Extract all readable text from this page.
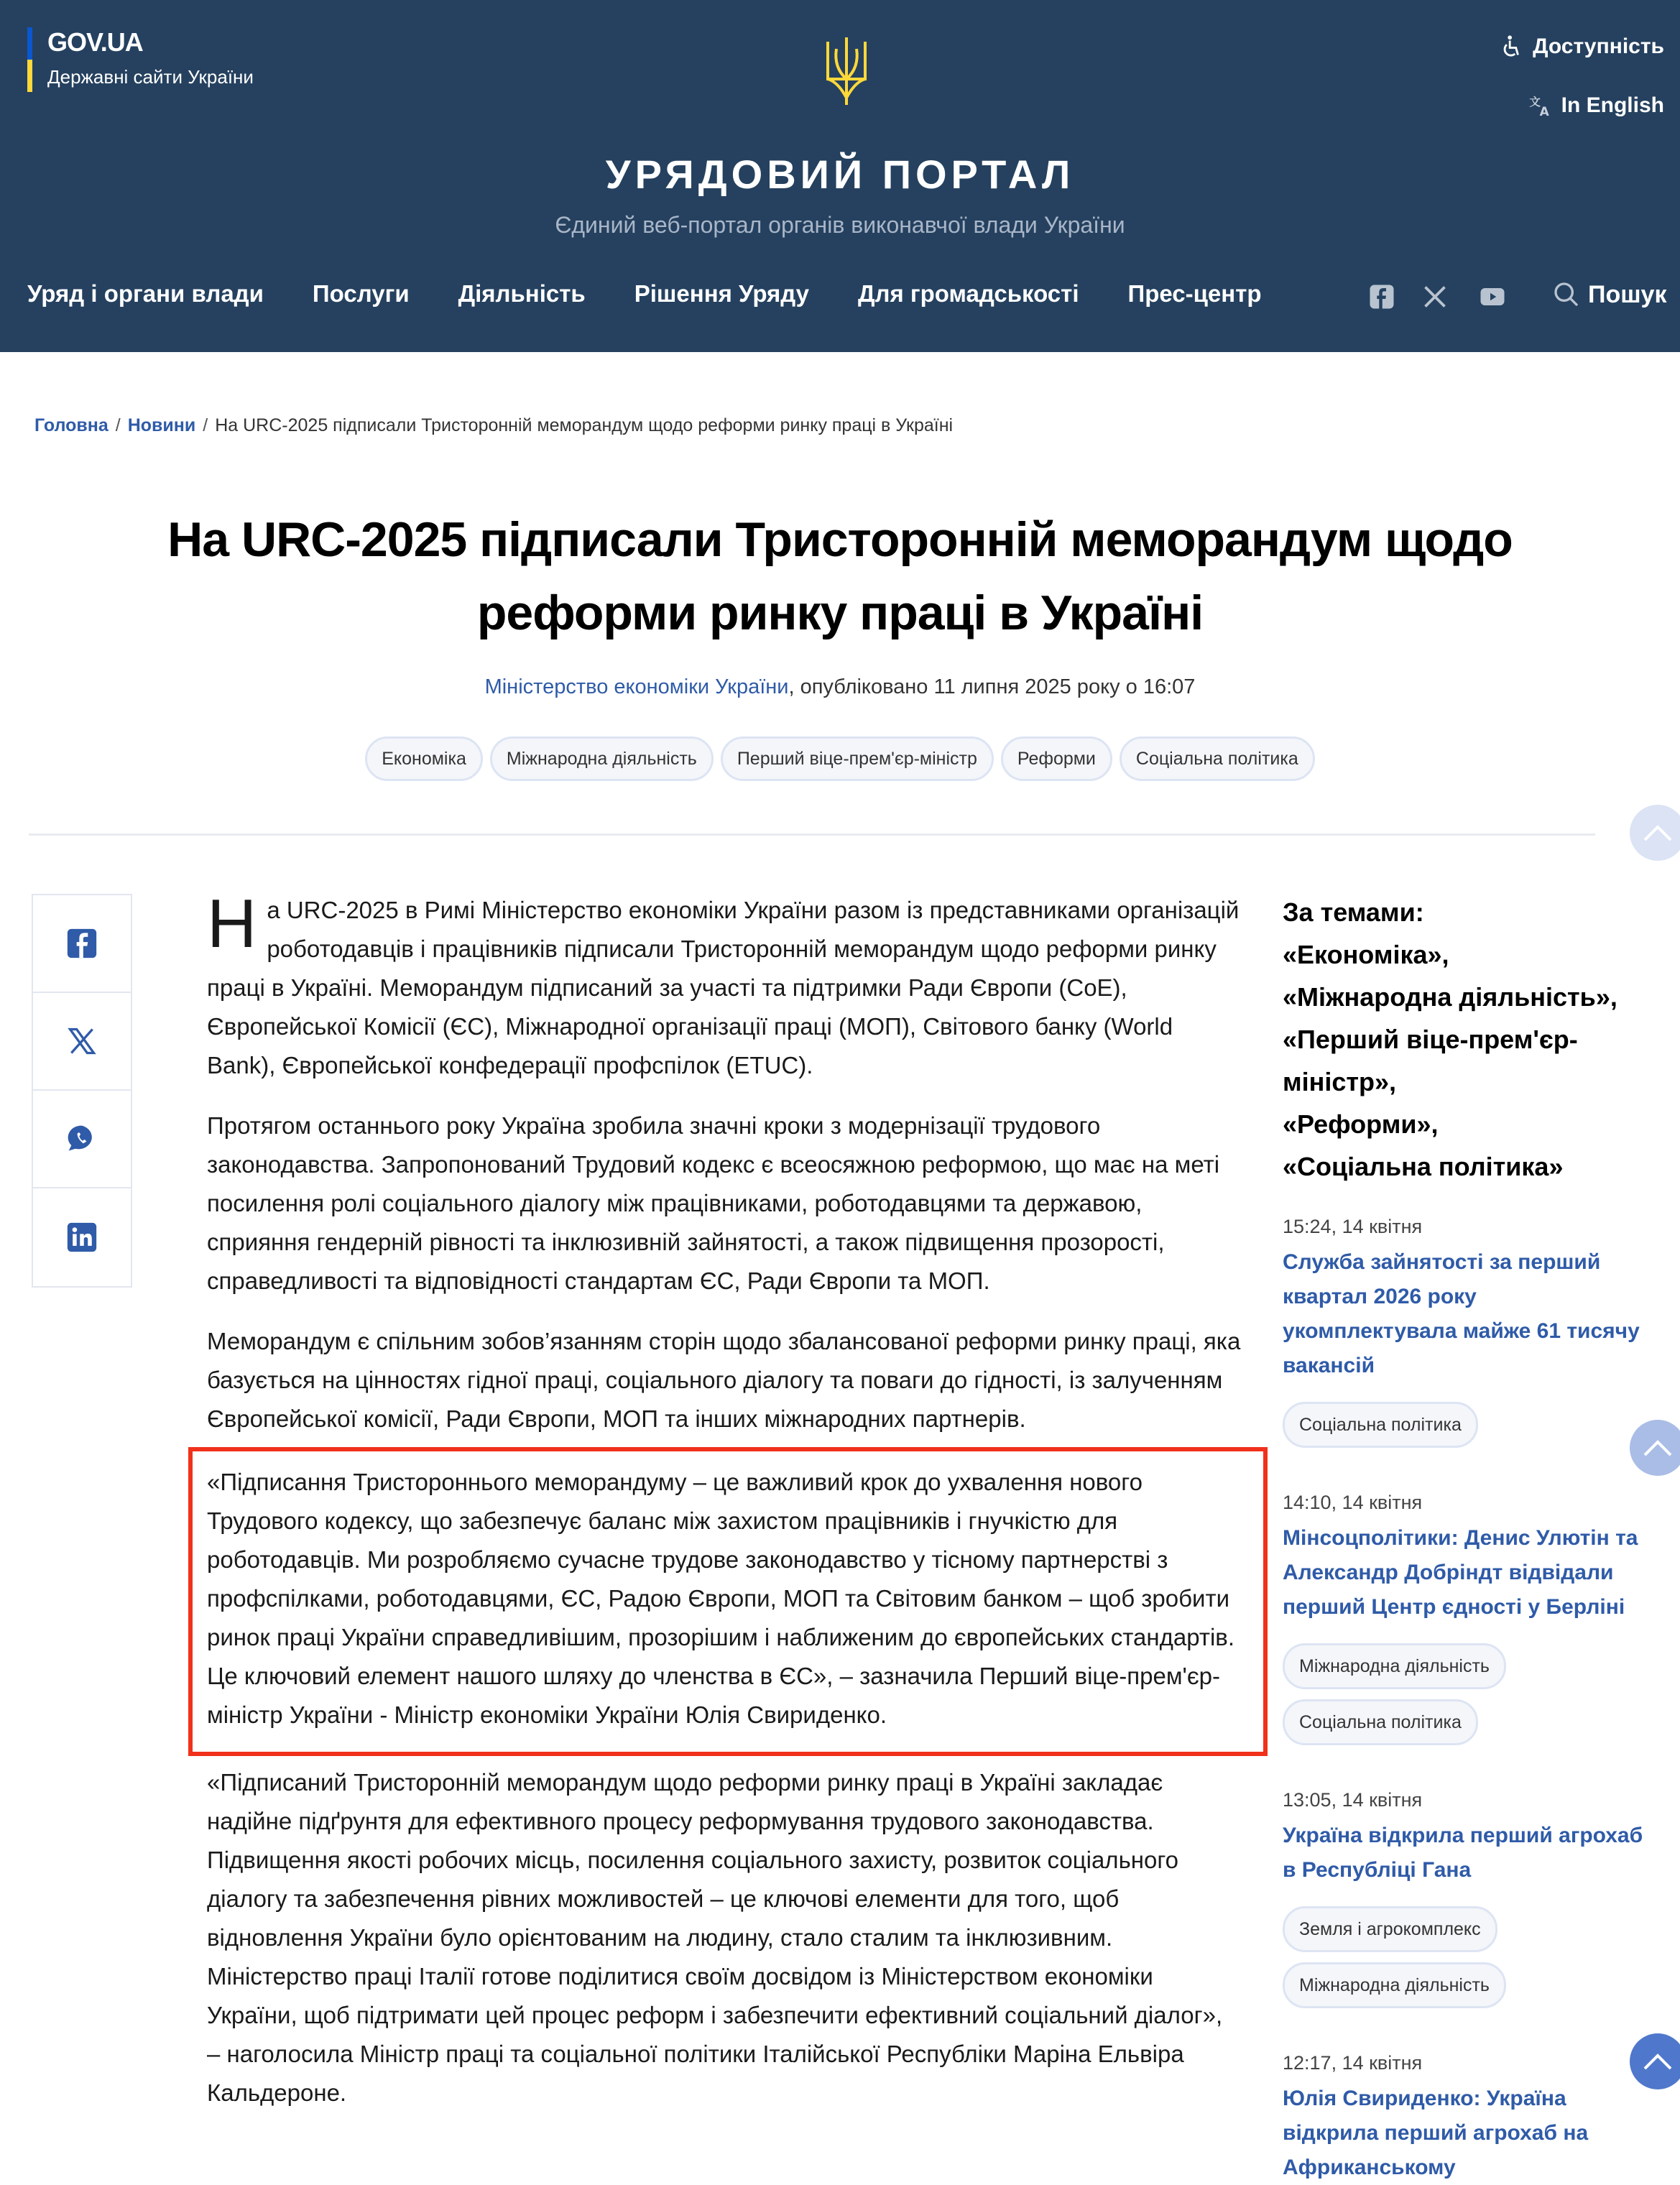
GOV.UA
Державні сайти України
Доступність
文
A In English
УРЯДОВИЙ ПОРТАЛ
Єдиний веб-портал органів виконавчої влади України
Уряд і органи влади Послуги Діяльність Рішення Уряду Для громадськості Прес-центр	Пошук
Головна / Новини / На URC-2025 підписали Тристоронній меморандум щодо реформи ринку праці в Україні
На URC-2025 підписали Тристоронній меморандум щодо реформи ринку праці в Україні
Міністерство економіки України, опубліковано 11 липня 2025 року о 16:07
Економіка	Міжнародна діяльність	Перший віце-прем'єр-міністр	Реформи	Соціальна політика

На URC-2025 в Римі Міністерство економіки України разом із представниками організацій роботодавців і працівників підписали Тристоронній меморандум щодо реформи ринку праці в Україні. Меморандум підписаний за участі та підтримки Ради Європи (CoE), Європейської Комісії (ЄС), Міжнародної організації праці (МОП), Світового банку (World Bank), Європейської конфедерації профспілок (ETUC).

Протягом останнього року Україна зробила значні кроки з модернізації трудового законодавства. Запропонований Трудовий кодекс є всеосяжною реформою, що має на меті посилення ролі соціального діалогу між працівниками, роботодавцями та державою, сприяння гендерній рівності та інклюзивній зайнятості, а також підвищення прозорості, справедливості та відповідності стандартам ЄС, Ради Європи та МОП.

Меморандум є спільним зобов’язанням сторін щодо збалансованої реформи ринку праці, яка базується на цінностях гідної праці, соціального діалогу та поваги до гідності, із залученням Європейської комісії, Ради Європи, МОП та інших міжнародних партнерів.

«Підписання Тристороннього меморандуму – це важливий крок до ухвалення нового Трудового кодексу, що забезпечує баланс між захистом працівників і гнучкістю для роботодавців. Ми розробляємо сучасне трудове законодавство у тісному партнерстві з профспілками, роботодавцями, ЄС, Радою Європи, МОП та Світовим банком – щоб зробити ринок праці України справедливішим, прозорішим і наближеним до європейських стандартів. Це ключовий елемент нашого шляху до членства в ЄС», – зазначила Перший віце-прем'єр-міністр України - Міністр економіки України Юлія Свириденко.

«Підписаний Тристоронній меморандум щодо реформи ринку праці в Україні закладає надійне підґрунтя для ефективного процесу реформування трудового законодавства. Підвищення якості робочих місць, посилення соціального захисту, розвиток соціального діалогу та забезпечення рівних можливостей – це ключові елементи для того, щоб відновлення України було орієнтованим на людину, стало сталим та інклюзивним. Міністерство праці Італії готове поділитися своїм досвідом із Міністерством економіки України, щоб підтримати цей процес реформ і забезпечити ефективний соціальний діалог», – наголосила Міністр праці та соціальної політики Італійської Республіки Маріна Ельвіра Кальдероне.

За темами:
«Економіка»,
«Міжнародна діяльність»,
«Перший віце-прем'єр-міністр»,
«Реформи»,
«Соціальна політика»
15:24, 14 квітня
Служба зайнятості за перший квартал 2026 року укомплектувала майже 61 тисячу вакансій
Соціальна політика
14:10, 14 квітня
Мінсоцполітики: Денис Улютін та Александр Добріндт відвідали перший Центр єдності у Берліні
Міжнародна діяльність
Соціальна політика
13:05, 14 квітня
Україна відкрила перший агрохаб в Республіці Гана
Земля і агрокомплекс
Міжнародна діяльність
12:17, 14 квітня
Юлія Свириденко: Україна відкрила перший агрохаб на Африканському
